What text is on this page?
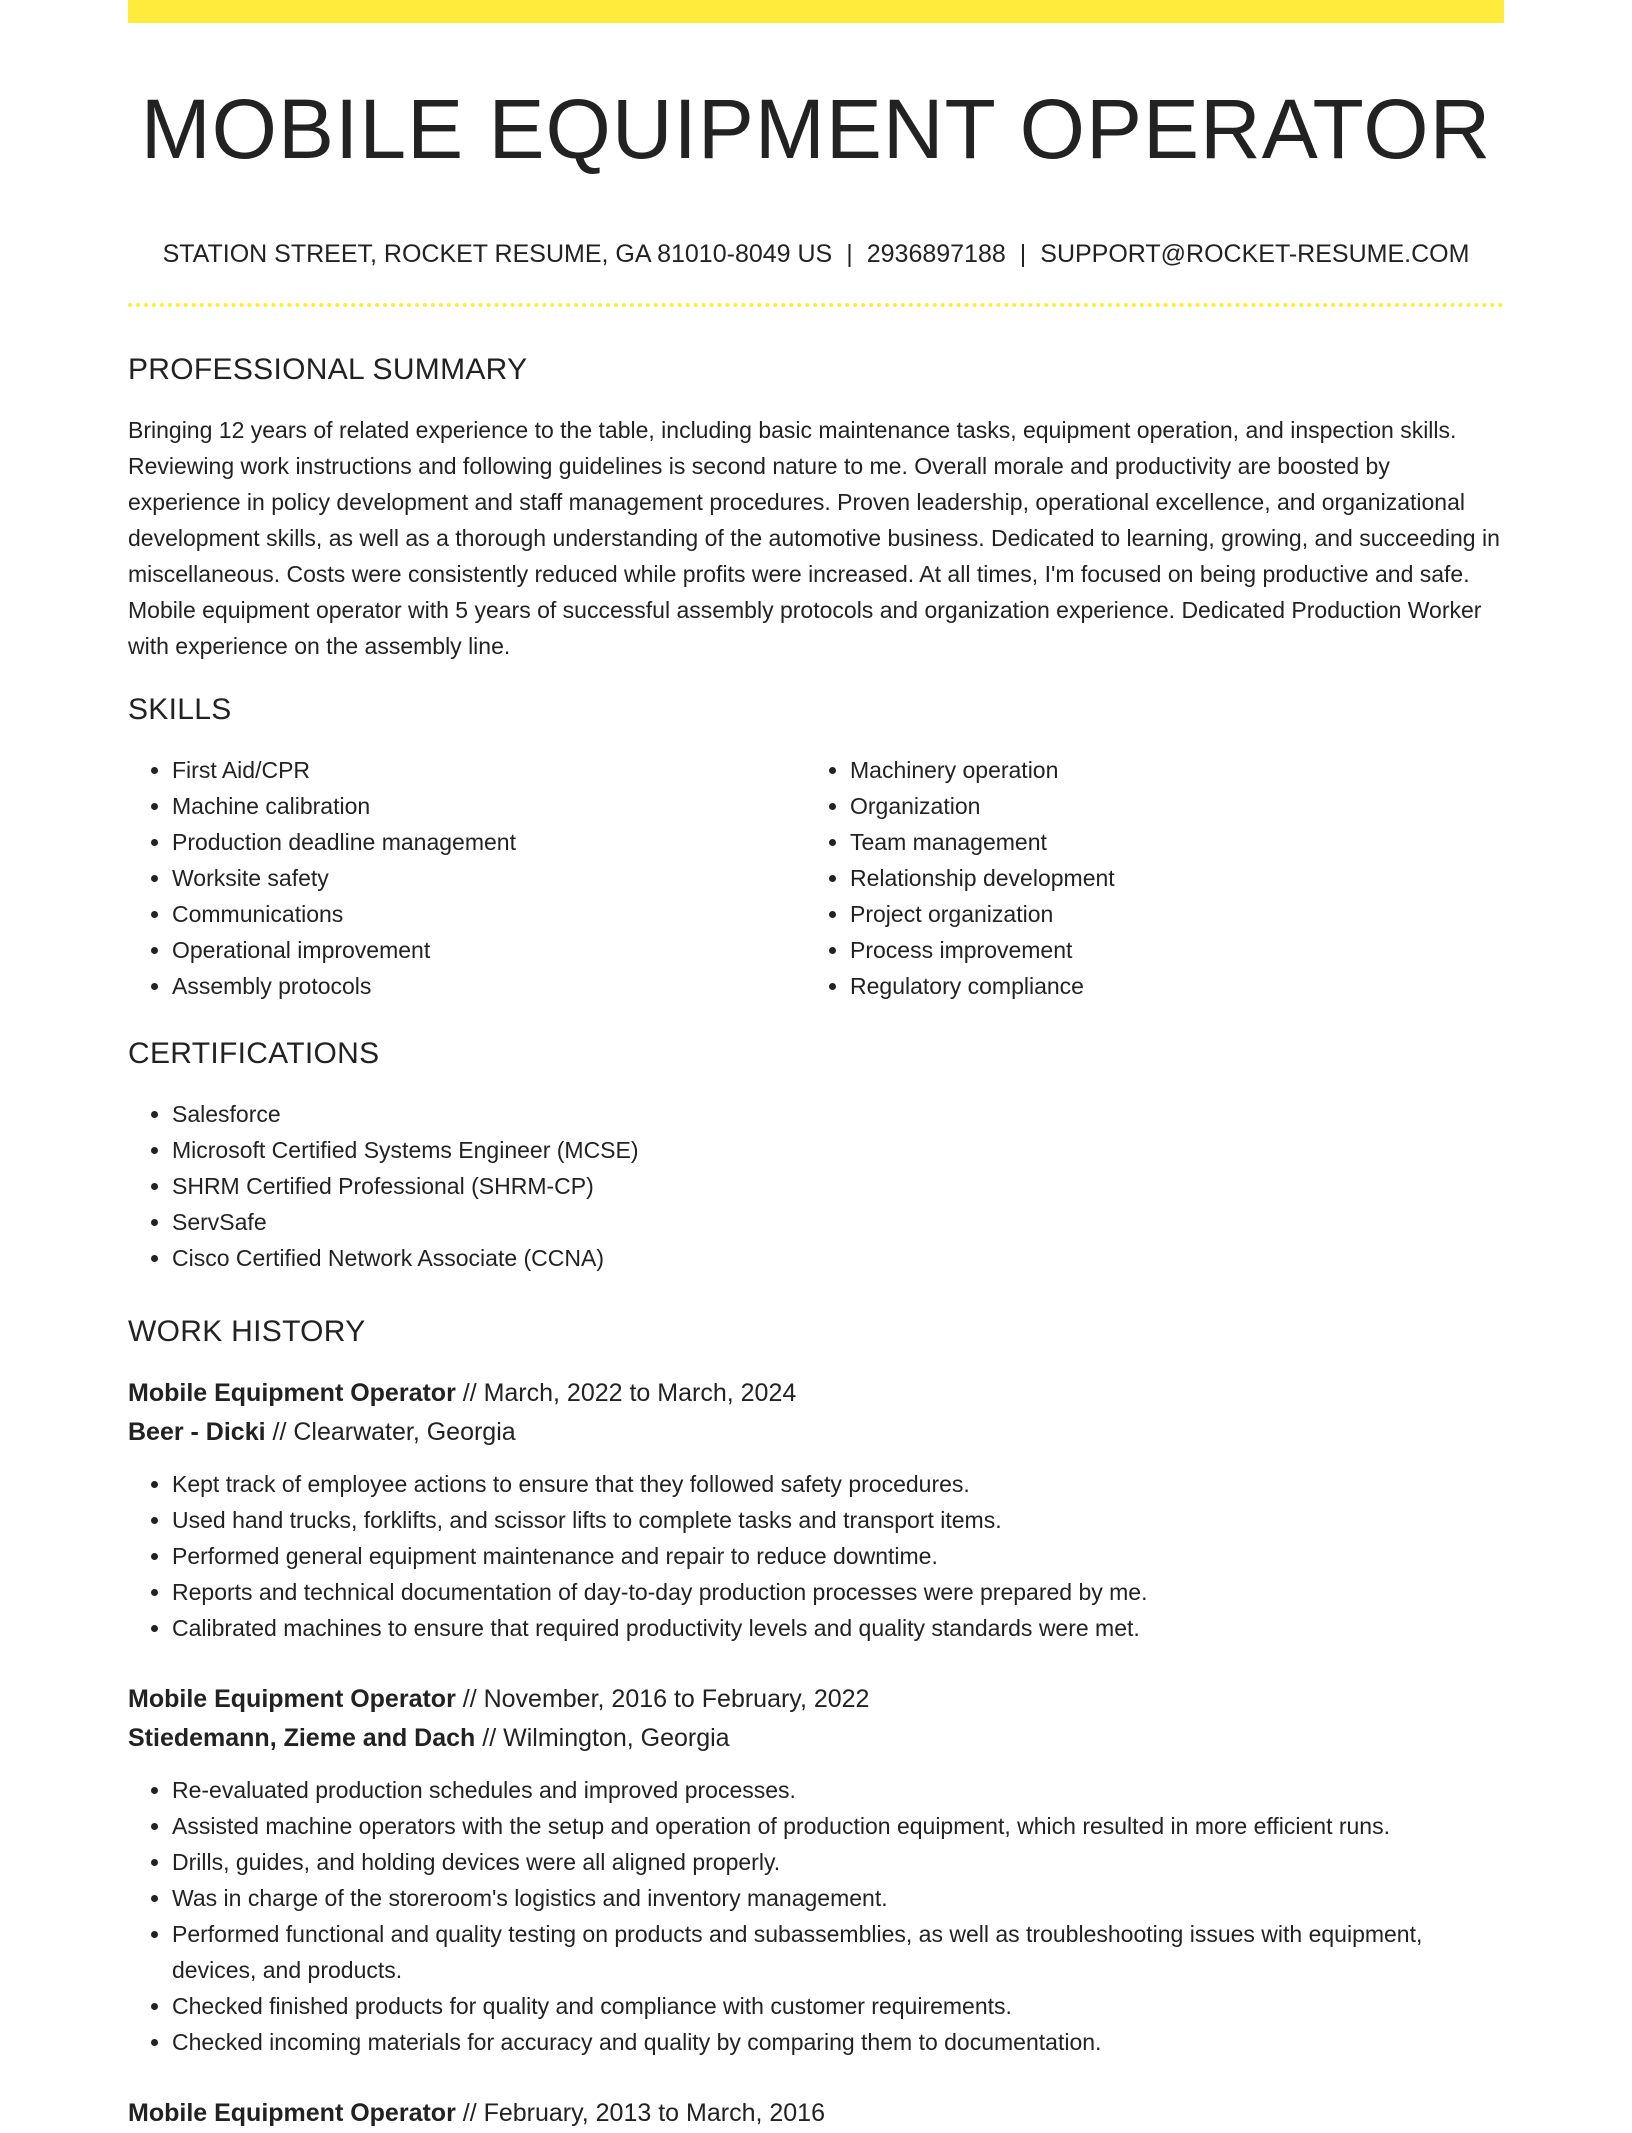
MOBILE EQUIPMENT OPERATOR
STATION STREET, ROCKET RESUME, GA 81010-8049 US | 2936897188 | SUPPORT@ROCKET-RESUME.COM
PROFESSIONAL SUMMARY

Bringing 12 years of related experience to the table, including basic maintenance tasks, equipment operation, and inspection skills. Reviewing work instructions and following guidelines is second nature to me. Overall morale and productivity are boosted by experience in policy development and staff management procedures. Proven leadership, operational excellence, and organizational development skills, as well as a thorough understanding of the automotive business. Dedicated to learning, growing, and succeeding in miscellaneous. Costs were consistently reduced while profits were increased. At all times, I'm focused on being productive and safe. Mobile equipment operator with 5 years of successful assembly protocols and organization experience. Dedicated Production Worker with experience on the assembly line.

SKILLS
• First Aid/CPR
• Machine calibration
• Production deadline management
• Worksite safety
• Communications
• Operational improvement
• Assembly protocols
• Machinery operation
• Organization
• Team management
• Relationship development
• Project organization
• Process improvement
• Regulatory compliance
CERTIFICATIONS
• Salesforce
• Microsoft Certified Systems Engineer (MCSE)
• SHRM Certified Professional (SHRM-CP)
• ServSafe
• Cisco Certified Network Associate (CCNA)
WORK HISTORY
Mobile Equipment Operator // March, 2022 to March, 2024
Beer - Dicki // Clearwater, Georgia
• Kept track of employee actions to ensure that they followed safety procedures.
• Used hand trucks, forklifts, and scissor lifts to complete tasks and transport items.
• Performed general equipment maintenance and repair to reduce downtime.
• Reports and technical documentation of day-to-day production processes were prepared by me.
• Calibrated machines to ensure that required productivity levels and quality standards were met.
Mobile Equipment Operator // November, 2016 to February, 2022
Stiedemann, Zieme and Dach // Wilmington, Georgia
• Re-evaluated production schedules and improved processes.
• Assisted machine operators with the setup and operation of production equipment, which resulted in more efficient runs.
• Drills, guides, and holding devices were all aligned properly.
• Was in charge of the storeroom's logistics and inventory management.
• Performed functional and quality testing on products and subassemblies, as well as troubleshooting issues with equipment, devices, and products.
• Checked finished products for quality and compliance with customer requirements.
• Checked incoming materials for accuracy and quality by comparing them to documentation.
Mobile Equipment Operator // February, 2013 to March, 2016
